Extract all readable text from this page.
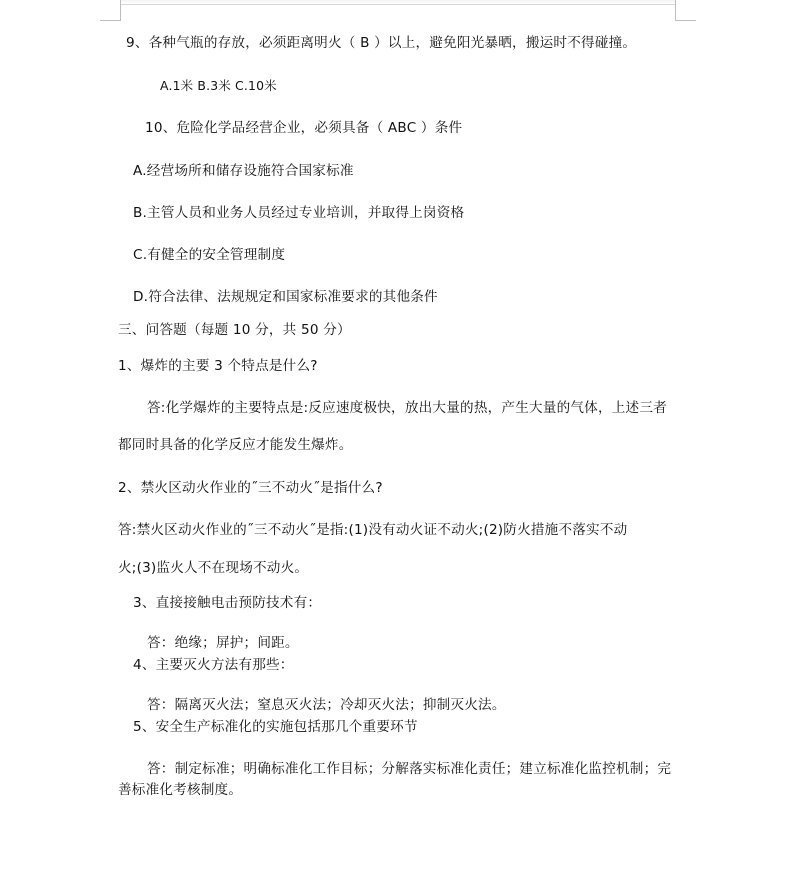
9、各种气瓶的存放，必须距离明火（ B ）以上，避免阳光暴晒，搬运时不得碰撞。
A.1米 B.3米 C.10米
10、危险化学品经营企业，必须具备（ ABC ）条件
A.经营场所和储存设施符合国家标准
B.主管人员和业务人员经过专业培训，并取得上岗资格
C.有健全的安全管理制度
D.符合法律、法规规定和国家标准要求的其他条件
三、问答题（每题 10 分，共 50 分）
1、爆炸的主要 3 个特点是什么?
答:化学爆炸的主要特点是:反应速度极快，放出大量的热，产生大量的气体，上述三者
都同时具备的化学反应才能发生爆炸。
2、禁火区动火作业的˝三不动火˝是指什么?
答:禁火区动火作业的˝三不动火˝是指:(1)没有动火证不动火;(2)防火措施不落实不动
火;(3)监火人不在现场不动火。
3、直接接触电击预防技术有：
答：绝缘；屏护；间距。
4、主要灭火方法有那些：
答：隔离灭火法；窒息灭火法；冷却灭火法；抑制灭火法。
5、安全生产标准化的实施包括那几个重要环节
答：制定标准；明确标准化工作目标；分解落实标准化责任；建立标准化监控机制；完
善标准化考核制度。
